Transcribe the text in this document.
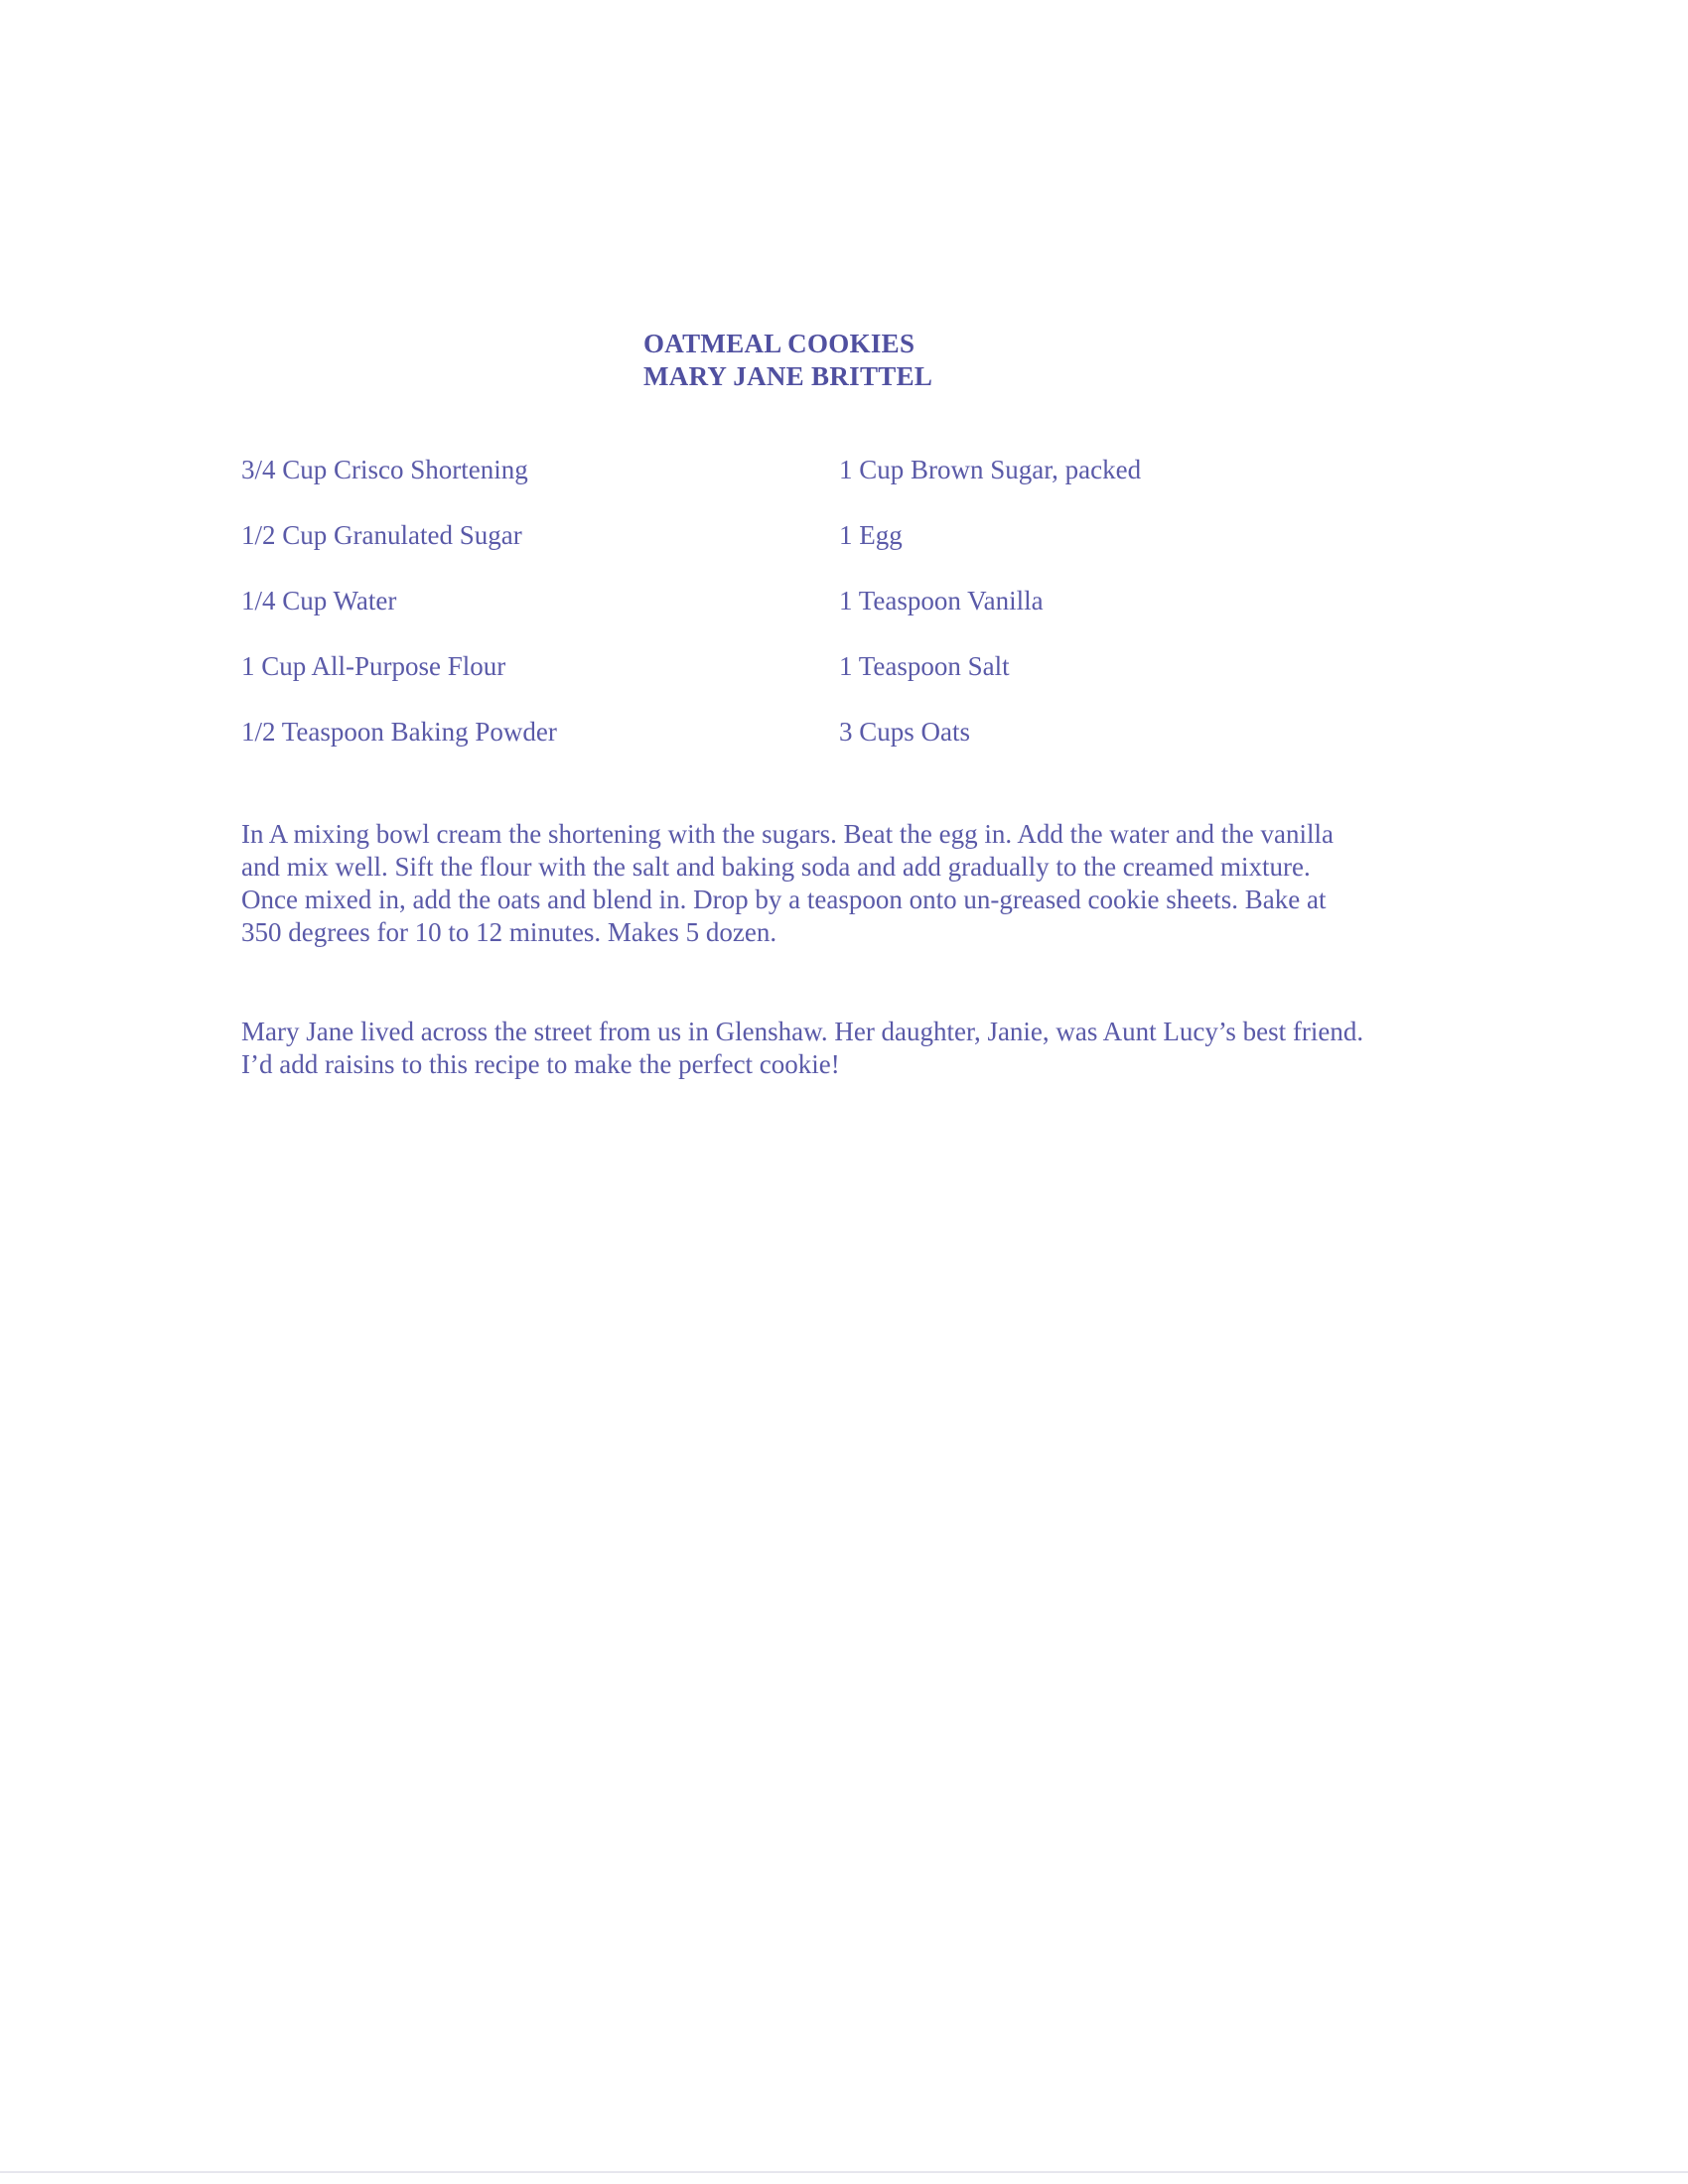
OATMEAL COOKIES
MARY JANE BRITTEL
3/4 Cup Crisco Shortening	1 Cup Brown Sugar, packed
1/2 Cup Granulated Sugar	1 Egg
1/4 Cup Water	1 Teaspoon Vanilla
1 Cup All-Purpose Flour	1 Teaspoon Salt
1/2 Teaspoon Baking Powder	3 Cups Oats

In A mixing bowl cream the shortening with the sugars. Beat the egg in. Add the water and the vanilla

and mix well. Sift the flour with the salt and baking soda and add gradually to the creamed mixture.

Once mixed in, add the oats and blend in. Drop by a teaspoon onto un-greased cookie sheets. Bake at

350 degrees for 10 to 12 minutes. Makes 5 dozen.

Mary Jane lived across the street from us in Glenshaw. Her daughter, Janie, was Aunt Lucy’s best friend.

I’d add raisins to this recipe to make the perfect cookie!
